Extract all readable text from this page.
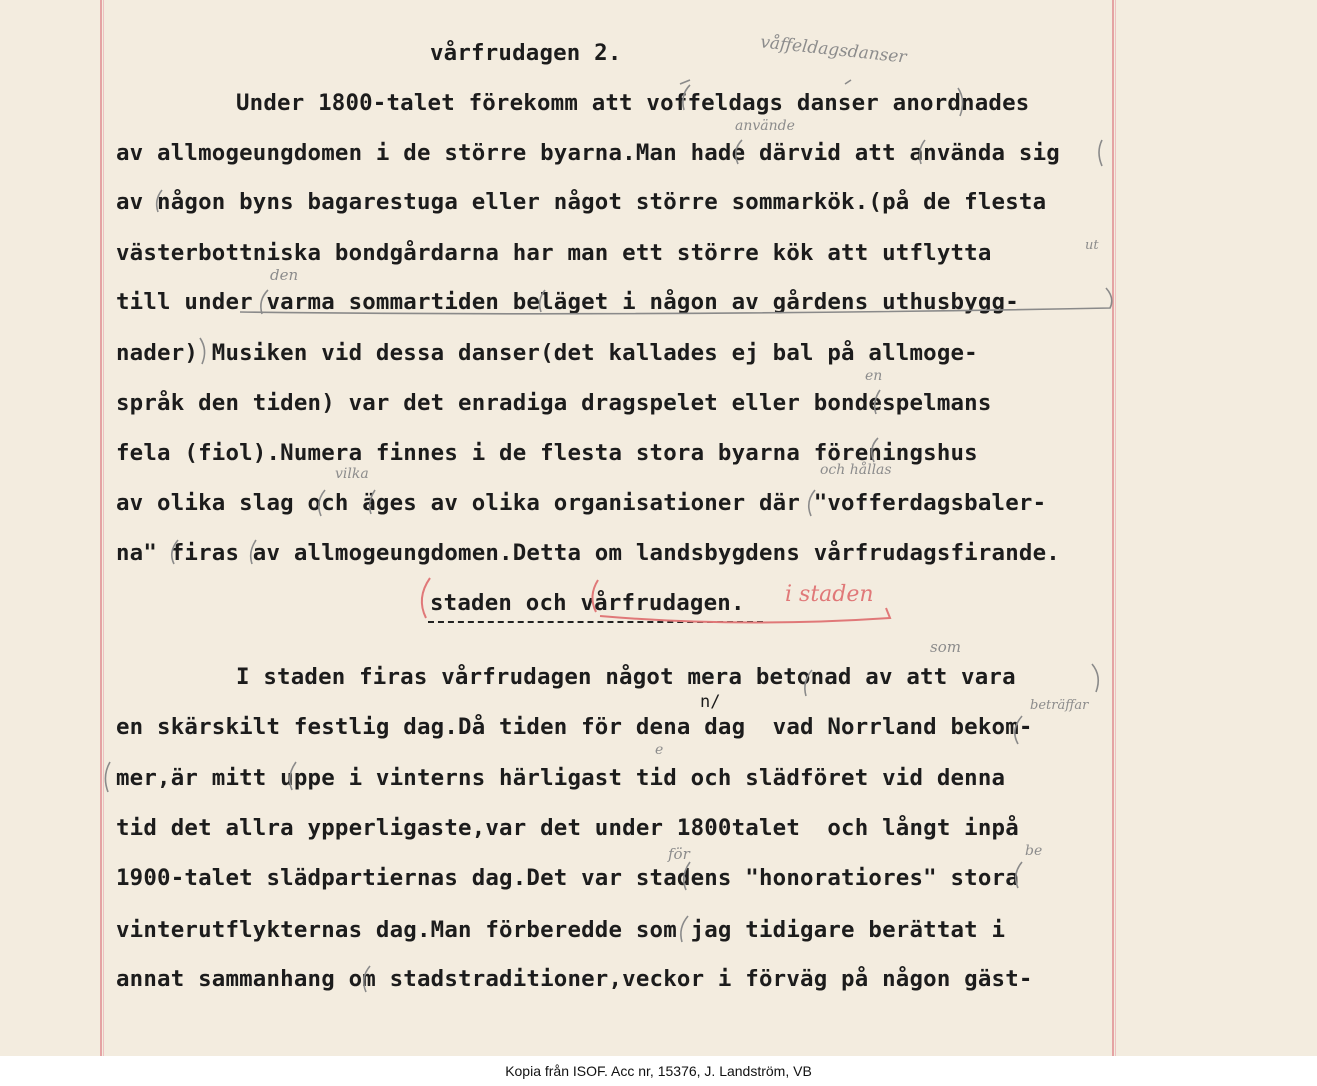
vårfrudagen 2.

Under 1800-talet förekomm att voffeldags danser anordnades

av allmogeungdomen i de större byarna.Man hade därvid att använda sig

av någon byns bagarestuga eller något större sommarkök.(på de flesta

västerbottniska bondgårdarna har man ett större kök att utflytta

till under varma sommartiden beläget i någon av gårdens uthusbygg-

nader) Musiken vid dessa danser(det kallades ej bal på allmoge-

språk den tiden) var det enradiga dragspelet eller bondespelmans

fela (fiol).Numera finnes i de flesta stora byarna föreningshus

av olika slag och äges av olika organisationer där "vofferdagsbaler-

na" firas av allmogeungdomen.Detta om landsbygdens vårfrudagsfirande.

staden och vårfrudagen.

I staden firas vårfrudagen något mera betonad av att vara

en skärskilt festlig dag.Då tiden för dena dag  vad Norrland bekom-

mer,är mitt uppe i vinterns härligast tid och slädföret vid denna

tid det allra ypperligaste,var det under 1800talet  och långt inpå

1900-talet slädpartiernas dag.Det var stadens "honoratiores" stora

vinterutflykternas dag.Man förberedde som jag tidigare berättat i

annat sammanhang om stadstraditioner,veckor i förväg på någon gäst-

våffeldagsdanser

använde

ut

den

en

vilka	och hållas

i staden

som

n/	beträffar

e

för	be

Kopia från ISOF. Acc nr, 15376, J. Landström, VB
